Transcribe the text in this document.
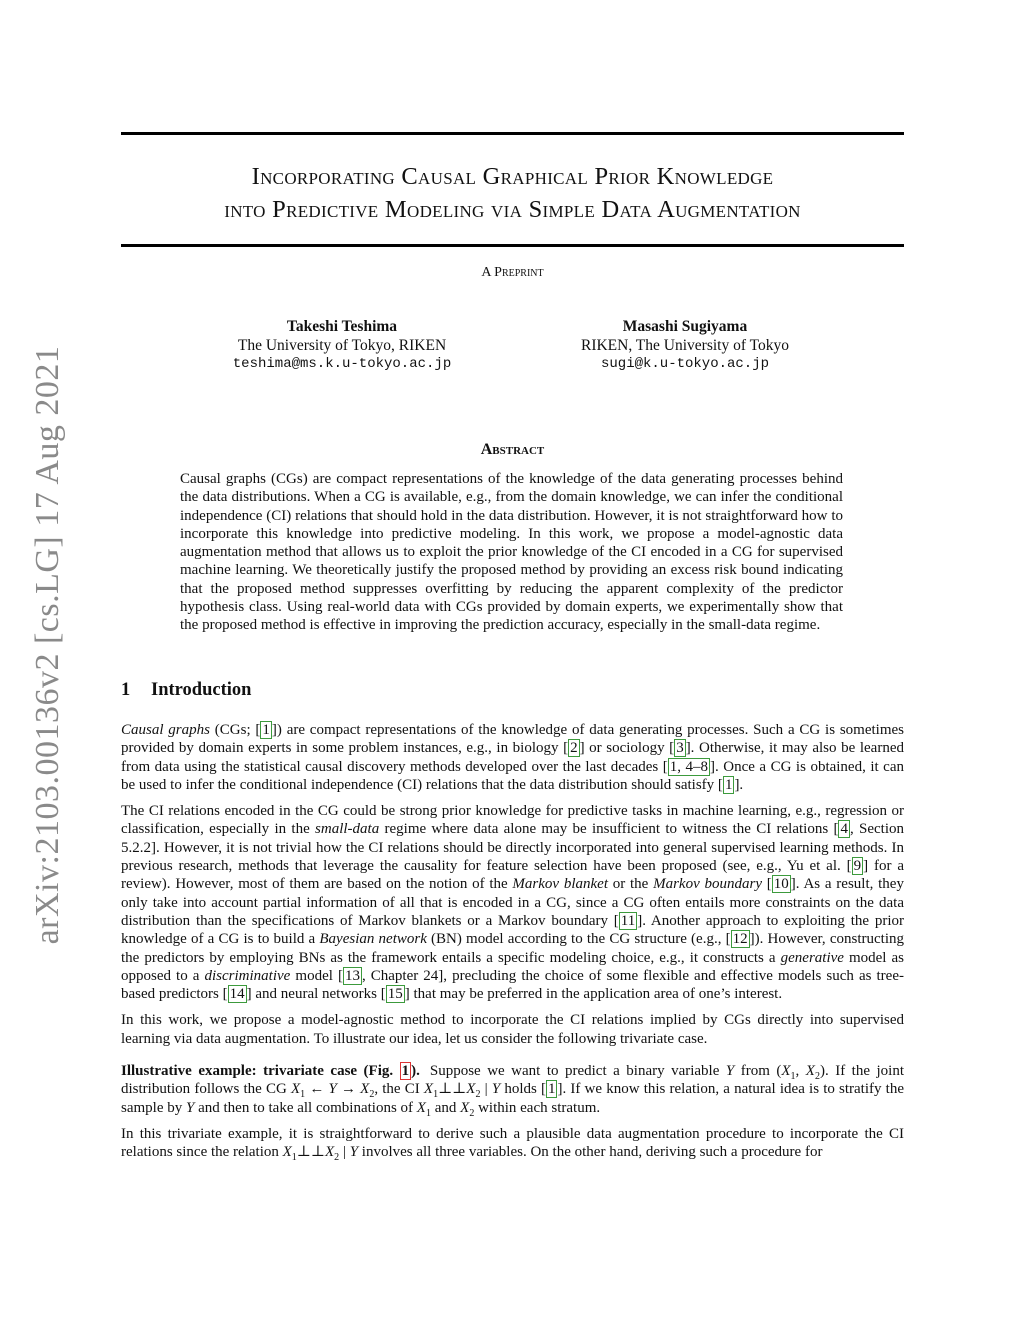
arXiv:2103.00136v2 [cs.LG] 17 Aug 2021
Incorporating Causal Graphical Prior Knowledge
into Predictive Modeling via Simple Data Augmentation
A Preprint
Takeshi Teshima
The University of Tokyo, RIKEN
teshima@ms.k.u-tokyo.ac.jp
Masashi Sugiyama
RIKEN, The University of Tokyo
sugi@k.u-tokyo.ac.jp
Abstract
Causal graphs (CGs) are compact representations of the knowledge of the data generating processes behind the data distributions. When a CG is available, e.g., from the domain knowledge, we can infer the conditional independence (CI) relations that should hold in the data distribution. However, it is not straightforward how to incorporate this knowledge into predictive modeling. In this work, we propose a model-agnostic data augmentation method that allows us to exploit the prior knowledge of the CI encoded in a CG for supervised machine learning. We theoretically justify the proposed method by providing an excess risk bound indicating that the proposed method suppresses overfitting by reducing the apparent complexity of the predictor hypothesis class. Using real-world data with CGs provided by domain experts, we experimentally show that the proposed method is effective in improving the prediction accuracy, especially in the small-data regime.
1 Introduction

Causal graphs (CGs; [ 1 ]) are compact representations of the knowledge of data generating processes. Such a CG is sometimes provided by domain experts in some problem instances, e.g., in biology [ 2 ] or sociology [ 3 ]. Otherwise, it may also be learned from data using the statistical causal discovery methods developed over the last decades [ 1, 4–8 ]. Once a CG is obtained, it can be used to infer the conditional independence (CI) relations that the data distribution should satisfy [ 1 ].

The CI relations encoded in the CG could be strong prior knowledge for predictive tasks in machine learning, e.g., regression or classification, especially in the small-data regime where data alone may be insufficient to witness the CI relations [ 4 , Section 5.2.2]. However, it is not trivial how the CI relations should be directly incorporated into general supervised learning methods. In previous research, methods that leverage the causality for feature selection have been proposed (see, e.g., Yu et al. [ 9 ] for a review). However, most of them are based on the notion of the Markov blanket or the Markov boundary [ 10 ]. As a result, they only take into account partial information of all that is encoded in a CG, since a CG often entails more constraints on the data distribution than the specifications of Markov blankets or a Markov boundary [ 11 ]. Another approach to exploiting the prior knowledge of a CG is to build a Bayesian network (BN) model according to the CG structure (e.g., [ 12 ]). However, constructing the predictors by employing BNs as the framework entails a specific modeling choice, e.g., it constructs a generative model as opposed to a discriminative model [ 13 , Chapter 24], precluding the choice of some flexible and effective models such as tree-based predictors [ 14 ] and neural networks [ 15 ] that may be preferred in the application area of one’s interest.

In this work, we propose a model-agnostic method to incorporate the CI relations implied by CGs directly into supervised learning via data augmentation. To illustrate our idea, let us consider the following trivariate case.

Illustrative example: trivariate case (Fig. 1 ). Suppose we want to predict a binary variable Y from ($X_1$, $X_2$). If the joint distribution follows the CG $X_1$ ← $Y \to X_2$, the CI $X_1\perp\perp X_2$ | Y holds [ 1 ]. If we know this relation, a natural idea is to stratify the sample by Y and then to take all combinations of $X_1$ and $X_2$ within each stratum.

In this trivariate example, it is straightforward to derive such a plausible data augmentation procedure to incorporate the CI relations since the relation $X_1\perp\perp X_2$ | Y involves all three variables. On the other hand, deriving such a procedure for
